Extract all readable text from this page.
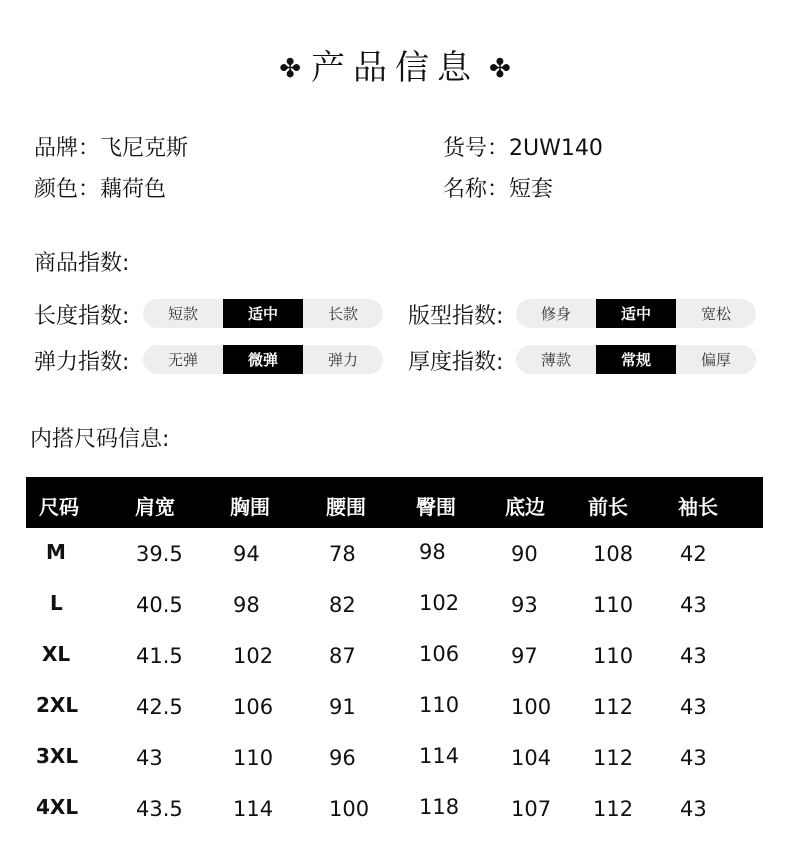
✤ 产品信息 ✤
品牌：飞尼克斯	货号：2UW140
颜色：藕荷色	名称：短套
商品指数:
长度指数:	短款	适中	长款	版型指数:	修身	适中	宽松
弹力指数:	无弹	微弹	弹力	厚度指数:	薄款	常规	偏厚
内搭尺码信息:
尺码	肩宽	胸围	腰围	臀围 底边 前长	袖长
M	39.5 94	78	98	90	108 42
L	40.5 98	82	102 93	110 43
XL	41.5 102	87	106 97	110 43
2XL	42.5 106	91	110 100 112 43
3XL	43	110	96	114 104 112 43
4XL	43.5 114	100 118 107 112 43
